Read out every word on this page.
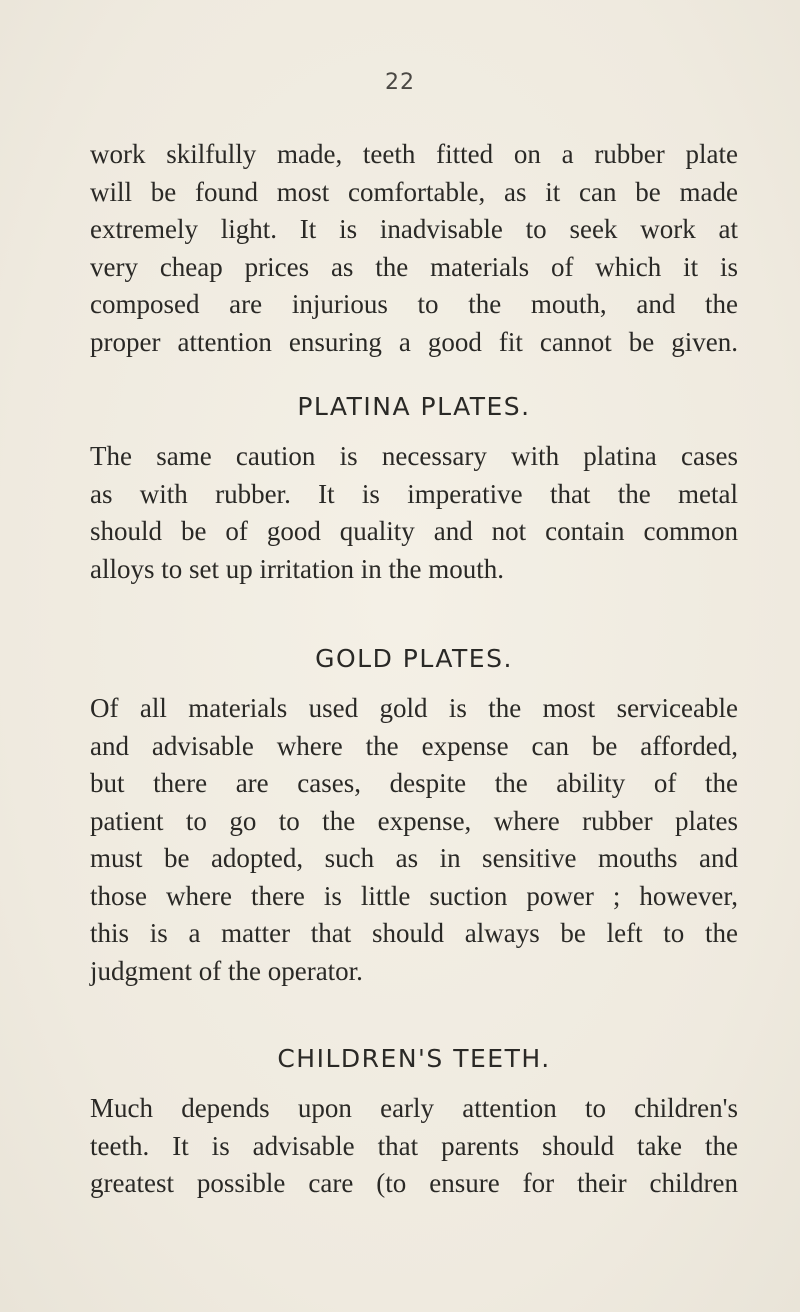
22
work skilfully made, teeth fitted on a rubber plate
will be found most comfortable, as it can be made
extremely light. It is inadvisable to seek work at
very cheap prices as the materials of which it is
composed are injurious to the mouth, and the
proper attention ensuring a good fit cannot be given.
PLATINA PLATES.
The same caution is necessary with platina cases
as with rubber. It is imperative that the metal
should be of good quality and not contain common
alloys to set up irritation in the mouth.
GOLD PLATES.
Of all materials used gold is the most serviceable
and advisable where the expense can be afforded,
but there are cases, despite the ability of the
patient to go to the expense, where rubber plates
must be adopted, such as in sensitive mouths and
those where there is little suction power ; however,
this is a matter that should always be left to the
judgment of the operator.
CHILDREN'S TEETH.
Much depends upon early attention to children's
teeth. It is advisable that parents should take the
greatest possible care (to ensure for their children
